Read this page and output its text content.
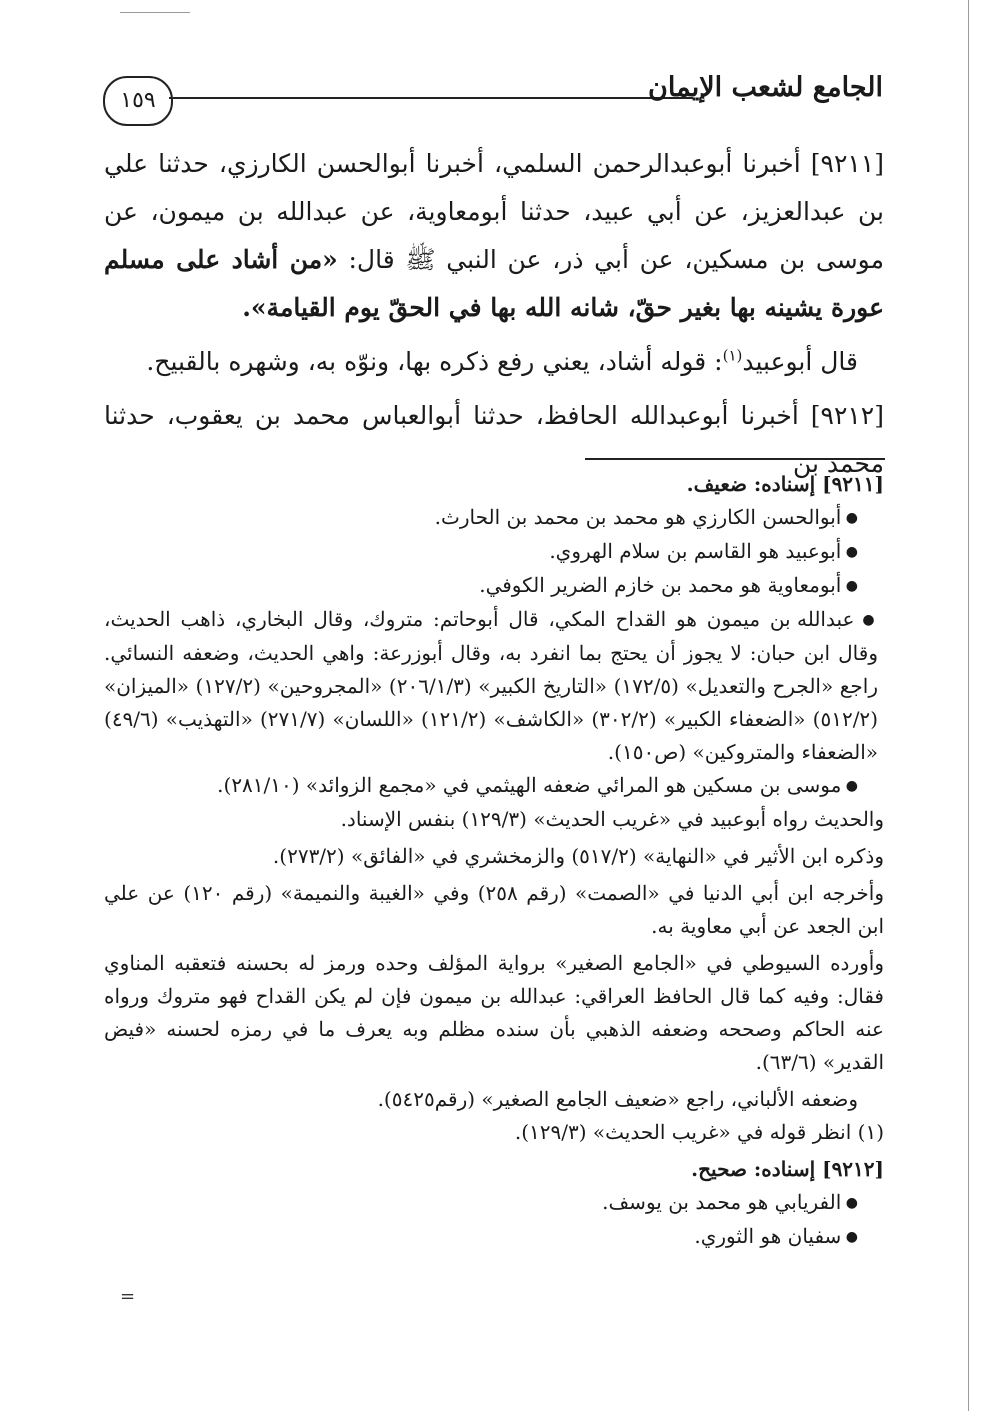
١٥٩	الجامع لشعب الإيمان

[٩٢١١] أخبرنا أبوعبدالرحمن السلمي، أخبرنا أبوالحسن الكارزي، حدثنا علي بن عبدالعزيز، عن أبي عبيد، حدثنا أبومعاوية، عن عبدالله بن ميمون، عن موسى بن مسكين، عن أبي ذر، عن النبي ﷺ قال: «من أشاد على مسلم عورة يشينه بها بغير حقّ، شانه الله بها في الحقّ يوم القيامة».

قال أبوعبيد$^{(١)}$: قوله أشاد، يعني رفع ذكره بها، ونوّه به، وشهره بالقبيح.

[٩٢١٢] أخبرنا أبوعبدالله الحافظ، حدثنا أبوالعباس محمد بن يعقوب، حدثنا محمد بن

[٩٢١١] إسناده: ضعيف.

● أبوالحسن الكارزي هو محمد بن محمد بن الحارث.

● أبوعبيد هو القاسم بن سلام الهروي.

● أبومعاوية هو محمد بن خازم الضرير الكوفي.

● عبدالله بن ميمون هو القداح المكي، قال أبوحاتم: متروك، وقال البخاري، ذاهب الحديث، وقال ابن حبان: لا يجوز أن يحتج بما انفرد به، وقال أبوزرعة: واهي الحديث، وضعفه النسائي. راجع «الجرح والتعديل» (١٧٢/٥) «التاريخ الكبير» (٢٠٦/١/٣) «المجروحين» (١٢٧/٢) «الميزان» (٥١٢/٢) «الضعفاء الكبير» (٣٠٢/٢) «الكاشف» (١٢١/٢) «اللسان» (٢٧١/٧) «التهذيب» (٤٩/٦) «الضعفاء والمتروكين» (ص١٥٠).

● موسى بن مسكين هو المرائي ضعفه الهيثمي في «مجمع الزوائد» (٢٨١/١٠).

والحديث رواه أبوعبيد في «غريب الحديث» (١٢٩/٣) بنفس الإسناد.

وذكره ابن الأثير في «النهاية» (٥١٧/٢) والزمخشري في «الفائق» (٢٧٣/٢).

وأخرجه ابن أبي الدنيا في «الصمت» (رقم ٢٥٨) وفي «الغيبة والنميمة» (رقم ١٢٠) عن علي ابن الجعد عن أبي معاوية به.

وأورده السيوطي في «الجامع الصغير» برواية المؤلف وحده ورمز له بحسنه فتعقبه المناوي فقال: وفيه كما قال الحافظ العراقي: عبدالله بن ميمون فإن لم يكن القداح فهو متروك ورواه عنه الحاكم وصححه وضعفه الذهبي بأن سنده مظلم وبه يعرف ما في رمزه لحسنه «فيض القدير» (٦٣/٦).

وضعفه الألباني، راجع «ضعيف الجامع الصغير» (رقم٥٤٢٥).

(١) انظر قوله في «غريب الحديث» (١٢٩/٣).

[٩٢١٢] إسناده: صحيح.

● الفريابي هو محمد بن يوسف.

● سفيان هو الثوري.

=
